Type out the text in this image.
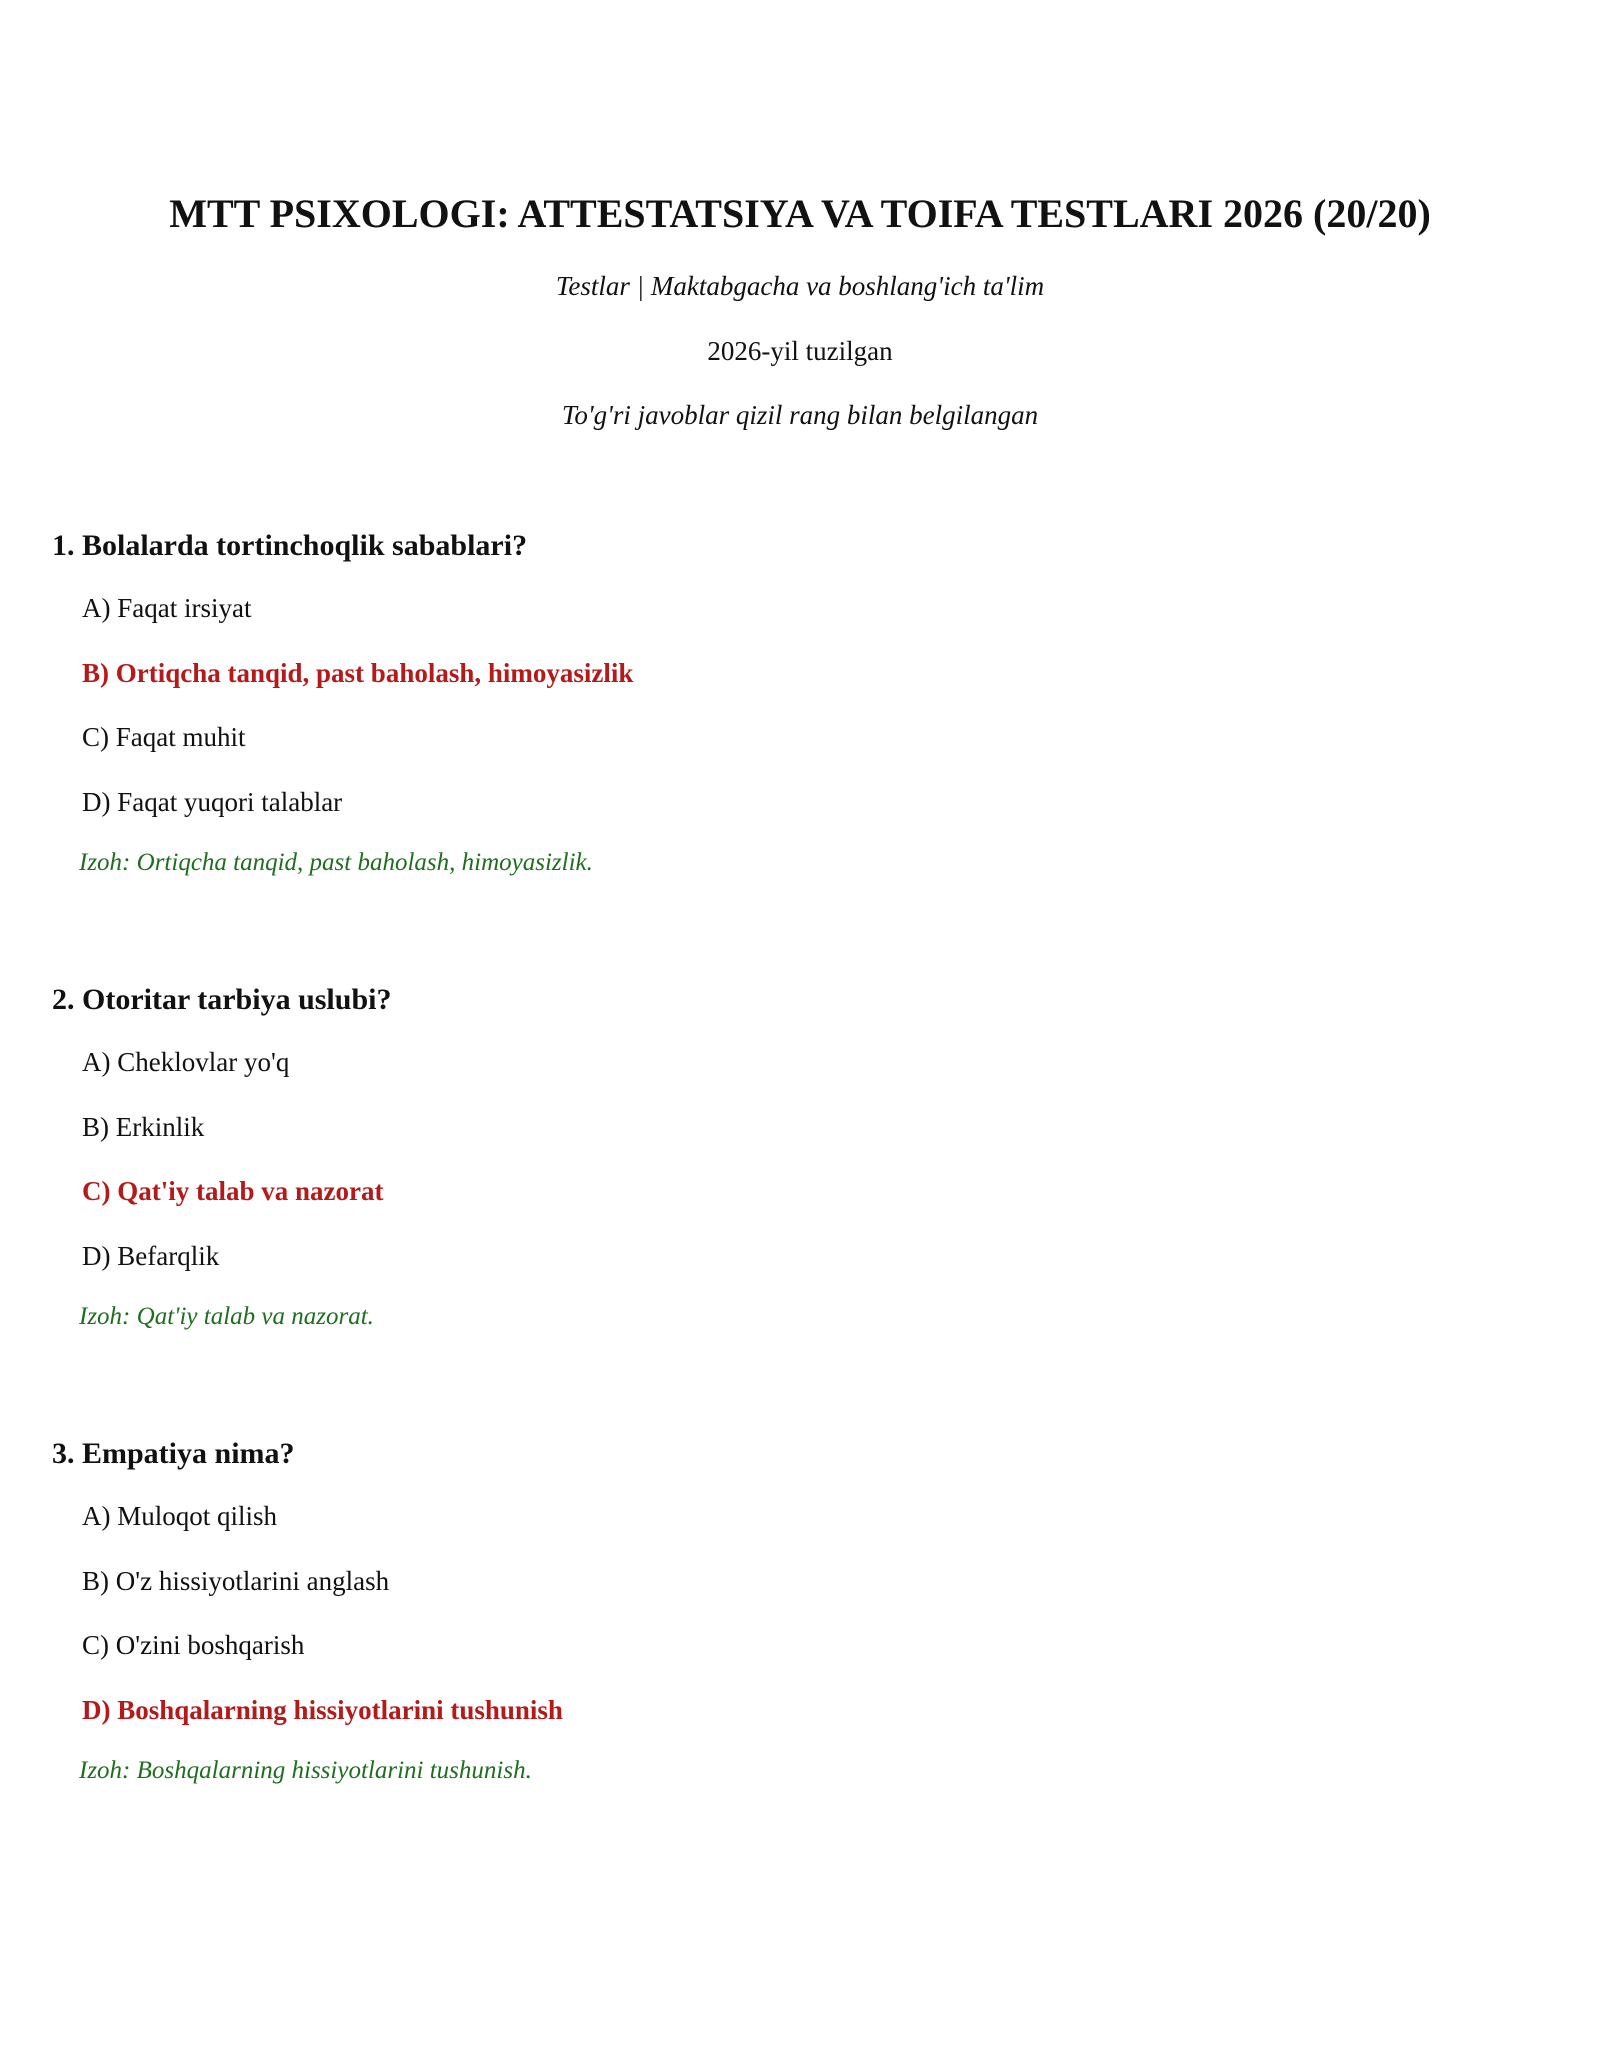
MTT PSIXOLOGI: ATTESTATSIYA VA TOIFA TESTLARI 2026 (20/20)

Testlar | Maktabgacha va boshlang'ich ta'lim

2026-yil tuzilgan

To'g'ri javoblar qizil rang bilan belgilangan

1. Bolalarda tortinchoqlik sabablari?
A) Faqat irsiyat
B) Ortiqcha tanqid, past baholash, himoyasizlik
C) Faqat muhit
D) Faqat yuqori talablar

Izoh: Ortiqcha tanqid, past baholash, himoyasizlik.

2. Otoritar tarbiya uslubi?
A) Cheklovlar yo'q
B) Erkinlik
C) Qat'iy talab va nazorat
D) Befarqlik

Izoh: Qat'iy talab va nazorat.

3. Empatiya nima?
A) Muloqot qilish
B) O'z hissiyotlarini anglash
C) O'zini boshqarish
D) Boshqalarning hissiyotlarini tushunish

Izoh: Boshqalarning hissiyotlarini tushunish.
